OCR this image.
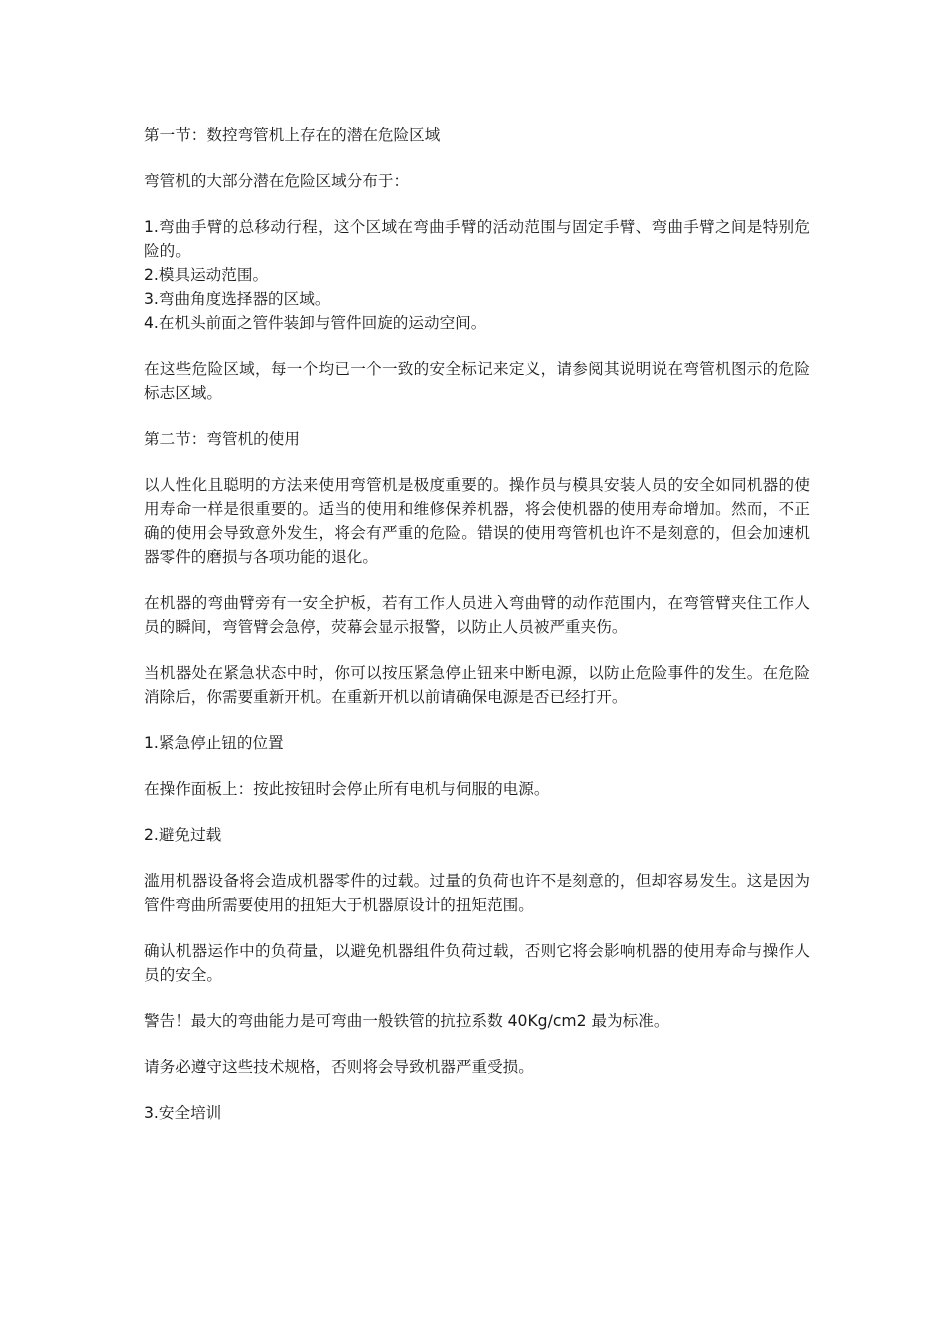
第一节：数控弯管机上存在的潜在危险区域

弯管机的大部分潜在危险区域分布于：

1.弯曲手臂的总移动行程，这个区域在弯曲手臂的活动范围与固定手臂、弯曲手臂之间是特别危险的。

2.模具运动范围。

3.弯曲角度选择器的区域。

4.在机头前面之管件装卸与管件回旋的运动空间。

在这些危险区域，每一个均已一个一致的安全标记来定义，请参阅其说明说在弯管机图示的危险标志区域。

第二节：弯管机的使用

以人性化且聪明的方法来使用弯管机是极度重要的。操作员与模具安装人员的安全如同机器的使用寿命一样是很重要的。适当的使用和维修保养机器，将会使机器的使用寿命增加。然而，不正确的使用会导致意外发生，将会有严重的危险。错误的使用弯管机也许不是刻意的，但会加速机器零件的磨损与各项功能的退化。

在机器的弯曲臂旁有一安全护板，若有工作人员进入弯曲臂的动作范围内，在弯管臂夹住工作人员的瞬间，弯管臂会急停，荧幕会显示报警，以防止人员被严重夹伤。

当机器处在紧急状态中时，你可以按压紧急停止钮来中断电源，以防止危险事件的发生。在危险消除后，你需要重新开机。在重新开机以前请确保电源是否已经打开。

1.紧急停止钮的位置

在操作面板上：按此按钮时会停止所有电机与伺服的电源。

2.避免过载

滥用机器设备将会造成机器零件的过载。过量的负荷也许不是刻意的，但却容易发生。这是因为管件弯曲所需要使用的扭矩大于机器原设计的扭矩范围。

确认机器运作中的负荷量，以避免机器组件负荷过载，否则它将会影响机器的使用寿命与操作人员的安全。

警告！最大的弯曲能力是可弯曲一般铁管的抗拉系数 40Kg/cm2 最为标准。

请务必遵守这些技术规格，否则将会导致机器严重受损。

3.安全培训
